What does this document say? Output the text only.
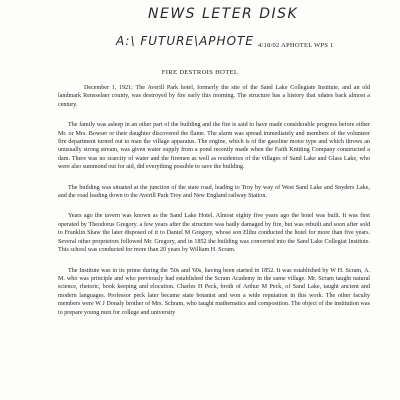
NEWS LETER DISK
A:\ FUTURE\APHOTE 4/18/02 APHOTEL WPS 1
FIRE DESTROIS HOTEL

December 1, 1921: The Averill Park hotel, formerly the site of the Sand Lake Collegiate Institute, and an old landmark Rensselaer county, was destroyed by fire early this morning. The structure has a history that xdates back almost a century.

The family was asleep in an other part of the building and the fire is said to have made considerable progress before either Mr. or Mrs. Bowser or their daughter discovered the flame. The alarm was spread immediately and members of the volunteer fire department turned out to man the village apparatus. The engine, which is of the gasoline motor type and which throws an unusually strong stream, was given water supply from a pond recently made when the Faith Knitting Company constructed a dam. There was no scarcity of water and the firemen as well as residences of the villages of Sand Lake and Glass Lake, who were also summond out for aid, did everything possible to save the building.

The building was situated at the junction of the state road, leading to Troy by way of West Sand Lake and Snyders Lake, and the road leading down to the Averill Park Troy and New England railway Station.

Years ago the tavern was known as the Sand Lake Hotel. Almost eighty five years ago the hotel was built. It was first operated by Theodorus Gregory. a few years after the structure was badly damaged by fire, but was rebuilt and soon after sold to Franklin Shaw the later disposed of it to Daniel M Gregory, whose son Elihu conducted the hotel for more than five years. Several other proprietors followed Mr. Gregory, and in 1852 the building was converted into the Sand Lake Collegiat Institute. This school was conducted for more than 20 years by William H. Scram.

The Institute was in its prime during the '50s and '60s, having been started in 1852. It was established by W H. Scram, A. M. who was principle and who previously had established the Scram Academy in the same village. Mr. Scram taught natural science, rhetoric, book keeping and elocution. Charles H Peck, broth of Arthur M Peck, of Sand Lake, taught ancient and modern languages. Professor peck later became state botanist and won a wide reputation in this work. The other faculty members were W J Donaly brother of Mrs. Schram, who taught mathematics and composition. The object of the institution was to prepare young men for college and university
